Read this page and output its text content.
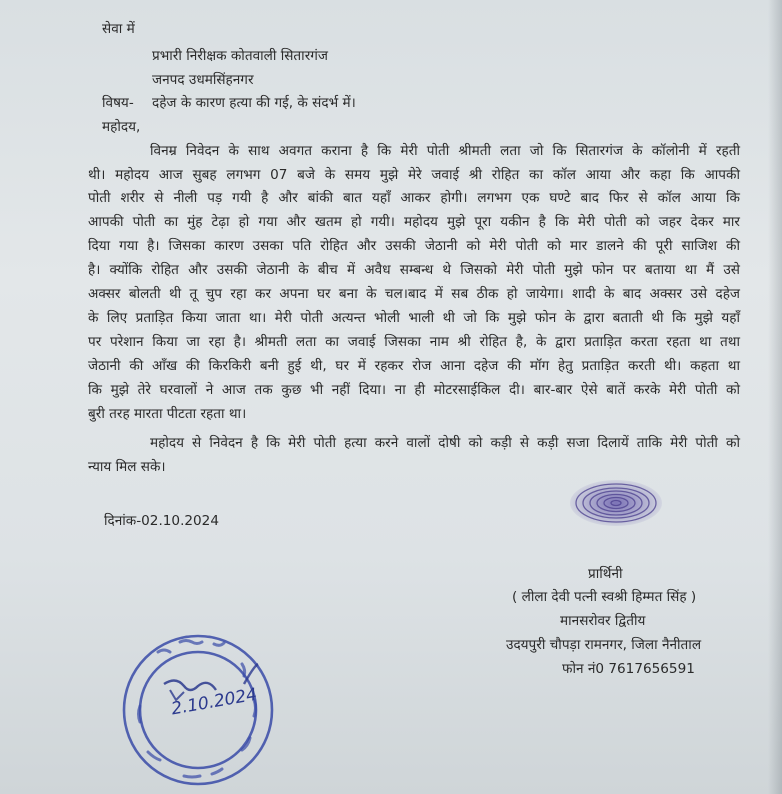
सेवा में
प्रभारी निरीक्षक कोतवाली सितारगंज
जनपद उधमसिंहनगर
विषय- दहेज के कारण हत्या की गई, के संदर्भ में।
महोदय,
विनम्र निवेदन के साथ अवगत कराना है कि मेरी पोती श्रीमती लता जो कि सितारगंज के कॉलोनी में रहती
थी। महोदय आज सुबह लगभग 07 बजे के समय मुझे मेरे जवाई श्री रोहित का कॉल आया और कहा कि आपकी
पोती शरीर से नीली पड़ गयी है और बांकी बात यहाँ आकर होगी। लगभग एक घण्टे बाद फिर से कॉल आया कि
आपकी पोती का मुंह टेढ़ा हो गया और खतम हो गयी। महोदय मुझे पूरा यकीन है कि मेरी पोती को जहर देकर मार
दिया गया है। जिसका कारण उसका पति रोहित और उसकी जेठानी को मेरी पोती को मार डालने की पूरी साजिश की
है। क्योंकि रोहित और उसकी जेठानी के बीच में अवैध सम्बन्ध थे जिसको मेरी पोती मुझे फोन पर बताया था मैं उसे
अक्सर बोलती थी तू चुप रहा कर अपना घर बना के चल।बाद में सब ठीक हो जायेगा। शादी के बाद अक्सर उसे दहेज
के लिए प्रताड़ित किया जाता था। मेरी पोती अत्यन्त भोली भाली थी जो कि मुझे फोन के द्वारा बताती थी कि मुझे यहाँ
पर परेशान किया जा रहा है। श्रीमती लता का जवाई जिसका नाम श्री रोहित है, के द्वारा प्रताड़ित करता रहता था तथा
जेठानी की आँख की किरकिरी बनी हुई थी, घर में रहकर रोज आना दहेज की मॉग हेतु प्रताड़ित करती थी। कहता था
कि मुझे तेरे घरवालों ने आज तक कुछ भी नहीं दिया। ना ही मोटरसाईकिल दी। बार-बार ऐसे बातें करके मेरी पोती को
बुरी तरह मारता पीटता रहता था।
महोदय से निवेदन है कि मेरी पोती हत्या करने वालों दोषी को कड़ी से कड़ी सजा दिलायें ताकि मेरी पोती को
न्याय मिल सके।
दिनांक-02.10.2024
प्रार्थिनी
( लीला देवी पत्नी स्वश्री हिम्मत सिंह )
मानसरोवर द्वितीय
उदयपुरी चौपड़ा रामनगर, जिला नैनीताल
फोन नं0 7617656591
2.10.2024
